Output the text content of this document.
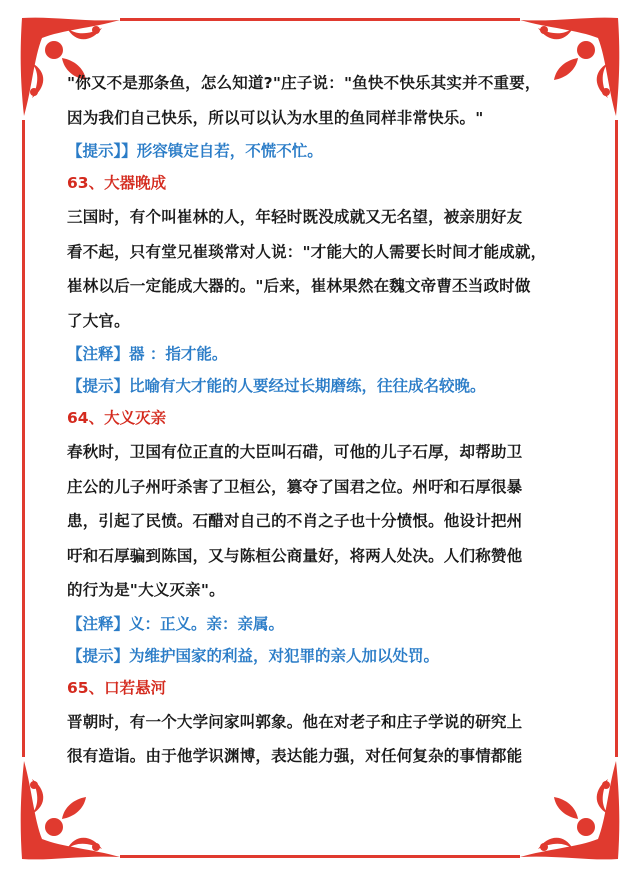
"你又不是那条鱼，怎么知道?"庄子说："鱼快不快乐其实并不重要，

因为我们自己快乐，所以可以认为水里的鱼同样非常快乐。"

【提示】】形容镇定自若，不慌不忙。

63、大器晚成

三国时，有个叫崔林的人，年轻时既没成就又无名望，被亲朋好友

看不起，只有堂兄崔琰常对人说："才能大的人需要长时间才能成就，

崔林以后一定能成大器的。"后来，崔林果然在魏文帝曹丕当政时做

了大官。

【注释】器 ：指才能。

【提示】比喻有大才能的人要经过长期磨练，往往成名较晚。

64、大义灭亲

春秋时，卫国有位正直的大臣叫石碏，可他的儿子石厚，却帮助卫

庄公的儿子州吁杀害了卫桓公，篡夺了国君之位。州吁和石厚很暴

患，引起了民愤。石醋对自己的不肖之子也十分愤恨。他设计把州

吁和石厚骗到陈国，又与陈桓公商量好，将两人处决。人们称赞他

的行为是"大义灭亲"。

【注释】义：正义。亲：亲属。

【提示】为维护国家的利益，对犯罪的亲人加以处罚。

65、口若悬河

晋朝时，有一个大学问家叫郭象。他在对老子和庄子学说的研究上

很有造诣。由于他学识渊博，表达能力强，对任何复杂的事情都能
